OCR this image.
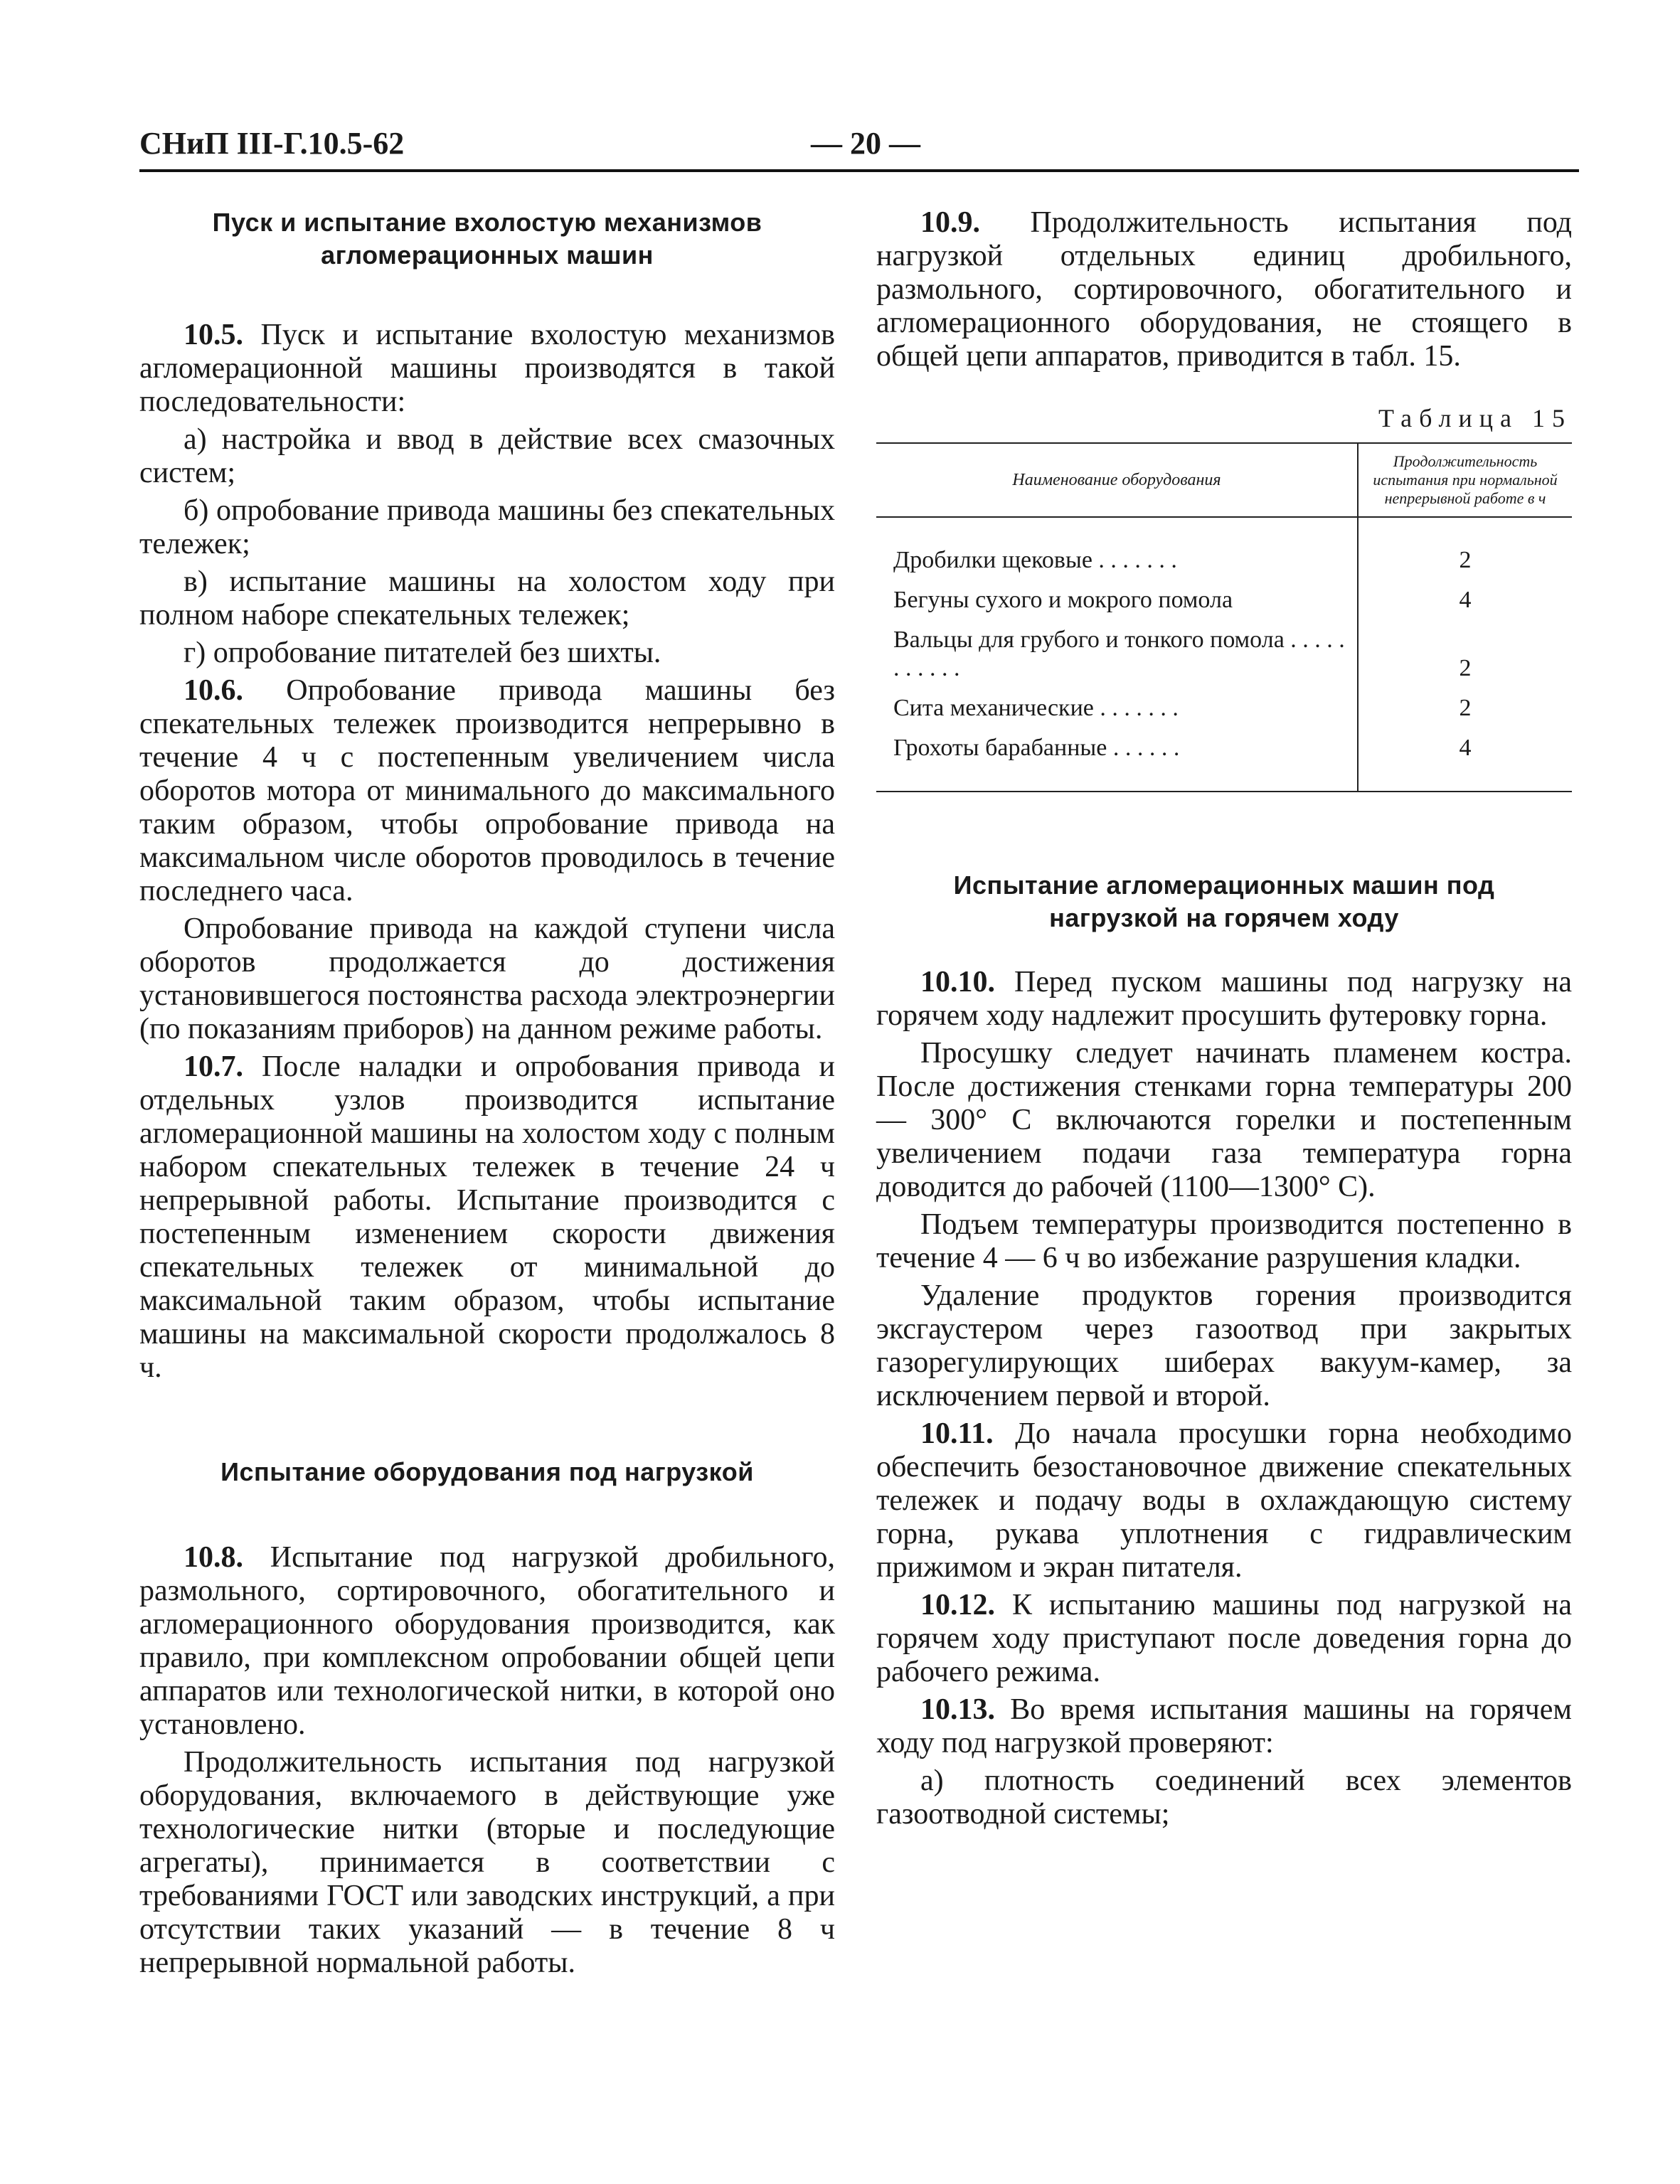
СНиП III-Г.10.5-62	— 20 —
Пуск и испытание вхолостую механизмов агломерационных машин

10.5. Пуск и испытание вхолостую механизмов агломерационной машины производятся в такой последовательности:

а) настройка и ввод в действие всех смазочных систем;

б) опробование привода машины без спекательных тележек;

в) испытание машины на холостом ходу при полном наборе спекательных тележек;

г) опробование питателей без шихты.

10.6. Опробование привода машины без спекательных тележек производится непрерывно в течение 4 ч с постепенным увеличением числа оборотов мотора от минимального до максимального таким образом, чтобы опробование привода на максимальном числе оборотов проводилось в течение последнего часа.

Опробование привода на каждой ступени числа оборотов продолжается до достижения установившегося постоянства расхода электроэнергии (по показаниям приборов) на данном режиме работы.

10.7. После наладки и опробования привода и отдельных узлов производится испытание агломерационной машины на холостом ходу с полным набором спекательных тележек в течение 24 ч непрерывной работы. Испытание производится с постепенным изменением скорости движения спекательных тележек от минимальной до максимальной таким образом, чтобы испытание машины на максимальной скорости продолжалось 8 ч.

Испытание оборудования под нагрузкой

10.8. Испытание под нагрузкой дробильного, размольного, сортировочного, обогатительного и агломерационного оборудования производится, как правило, при комплексном опробовании общей цепи аппаратов или технологической нитки, в которой оно установлено.

Продолжительность испытания под нагрузкой оборудования, включаемого в действующие уже технологические нитки (вторые и последующие агрегаты), принимается в соответствии с требованиями ГОСТ или заводских инструкций, а при отсутствии таких указаний — в течение 8 ч непрерывной нормальной работы.

10.9. Продолжительность испытания под нагрузкой отдельных единиц дробильного, размольного, сортировочного, обогатительного и агломерационного оборудования, не стоящего в общей цепи аппаратов, приводится в табл. 15.

Таблица 15
Наименование оборудования	Продолжительность испытания при нормальной непрерывной работе в ч
Дробилки щековые . . . . . . .	2
Бегуны сухого и мокрого помола	4
Вальцы для грубого и тонкого помола . . . . . . . . . . .	2
Сита механические . . . . . . .	2
Грохоты барабанные . . . . . .	4
Испытание агломерационных машин под нагрузкой на горячем ходу

10.10. Перед пуском машины под нагрузку на горячем ходу надлежит просушить футеровку горна.

Просушку следует начинать пламенем костра. После достижения стенками горна температуры 200 — 300° С включаются горелки и постепенным увеличением подачи газа температура горна доводится до рабочей (1100—1300° С).

Подъем температуры производится постепенно в течение 4 — 6 ч во избежание разрушения кладки.

Удаление продуктов горения производится эксгаустером через газоотвод при закрытых газорегулирующих шиберах вакуум-камер, за исключением первой и второй.

10.11. До начала просушки горна необходимо обеспечить безостановочное движение спекательных тележек и подачу воды в охлаждающую систему горна, рукава уплотнения с гидравлическим прижимом и экран питателя.

10.12. К испытанию машины под нагрузкой на горячем ходу приступают после доведения горна до рабочего режима.

10.13. Во время испытания машины на горячем ходу под нагрузкой проверяют:

а) плотность соединений всех элементов газоотводной системы;
